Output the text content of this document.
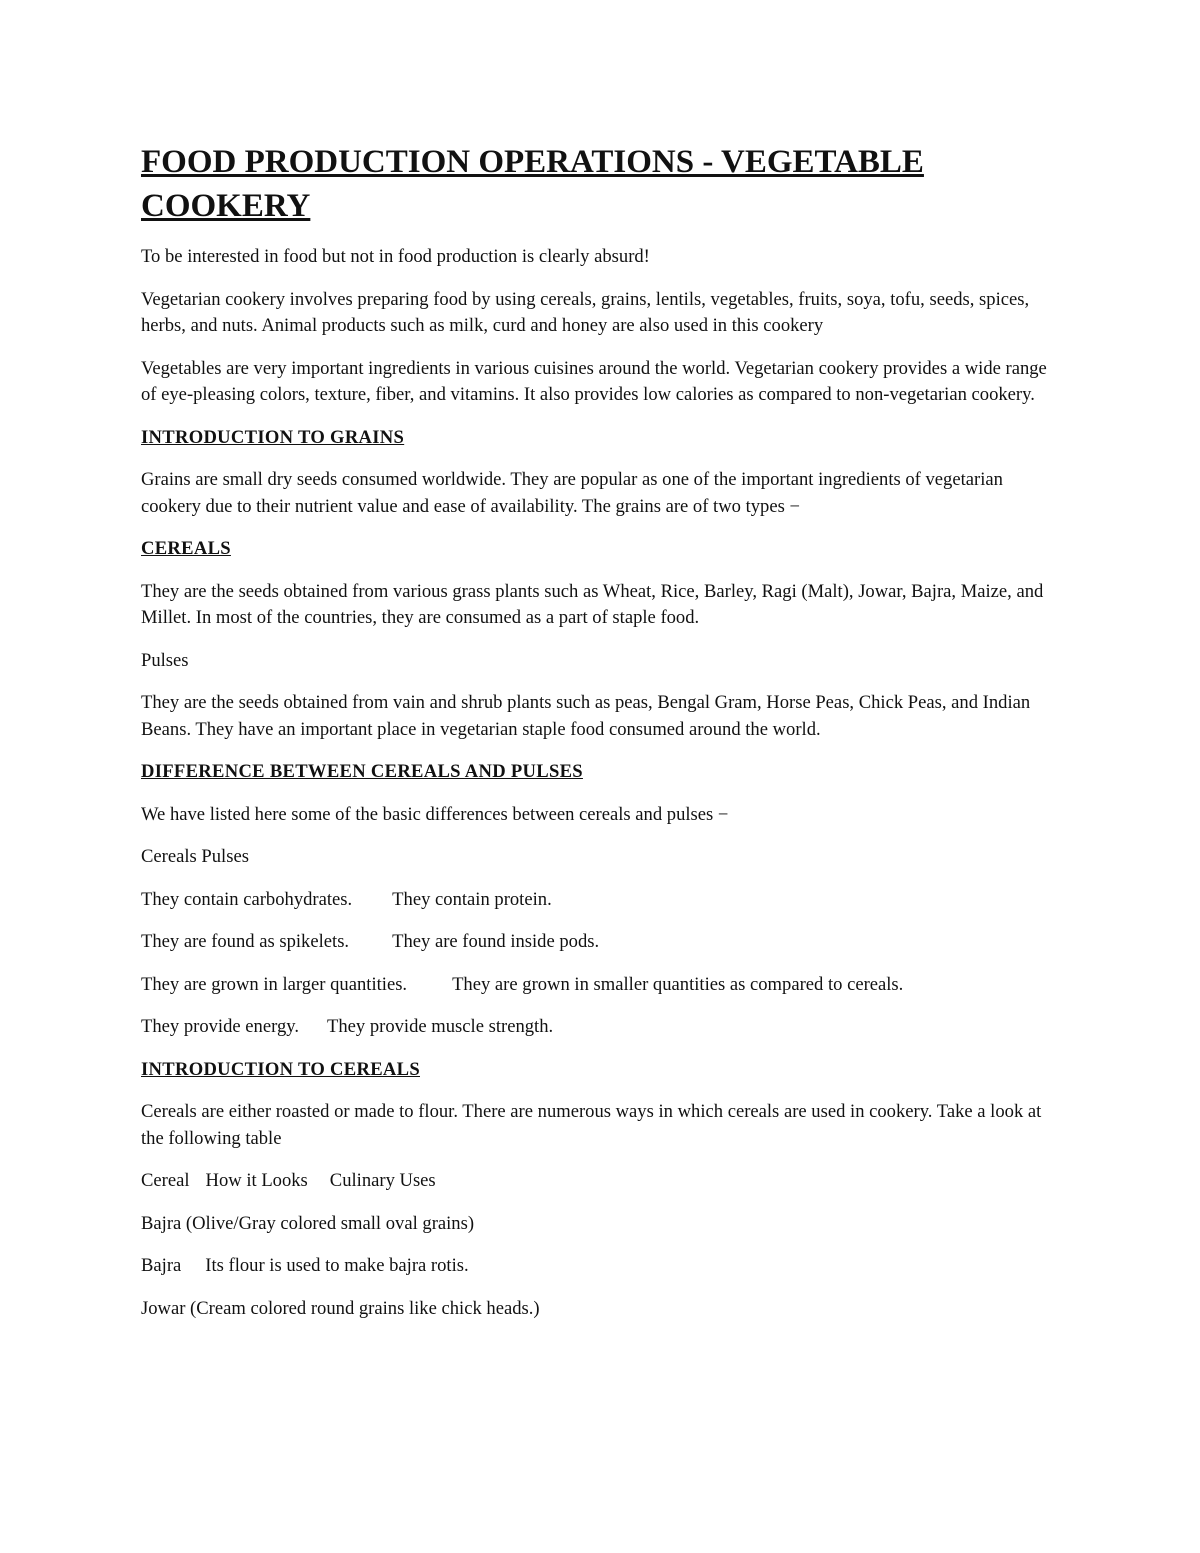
FOOD PRODUCTION OPERATIONS - VEGETABLE COOKERY

To be interested in food but not in food production is clearly absurd!

Vegetarian cookery involves preparing food by using cereals, grains, lentils, vegetables, fruits, soya, tofu, seeds, spices, herbs, and nuts. Animal products such as milk, curd and honey are also used in this cookery

Vegetables are very important ingredients in various cuisines around the world. Vegetarian cookery provides a wide range of eye-pleasing colors, texture, fiber, and vitamins. It also provides low calories as compared to non-vegetarian cookery.

INTRODUCTION TO GRAINS

Grains are small dry seeds consumed worldwide. They are popular as one of the important ingredients of vegetarian cookery due to their nutrient value and ease of availability. The grains are of two types −

CEREALS

They are the seeds obtained from various grass plants such as Wheat, Rice, Barley, Ragi (Malt), Jowar, Bajra, Maize, and Millet. In most of the countries, they are consumed as a part of staple food.

Pulses

They are the seeds obtained from vain and shrub plants such as peas, Bengal Gram, Horse Peas, Chick Peas, and Indian Beans. They have an important place in vegetarian staple food consumed around the world.

DIFFERENCE BETWEEN CEREALS AND PULSES

We have listed here some of the basic differences between cereals and pulses −

Cereals Pulses

They contain carbohydrates. They contain protein.

They are found as spikelets. They are found inside pods.

They are grown in larger quantities. They are grown in smaller quantities as compared to cereals.

They provide energy. They provide muscle strength.

INTRODUCTION TO CEREALS

Cereals are either roasted or made to flour. There are numerous ways in which cereals are used in cookery. Take a look at the following table

Cereal How it Looks Culinary Uses

Bajra (Olive/Gray colored small oval grains)

Bajra Its flour is used to make bajra rotis.

Jowar (Cream colored round grains like chick heads.)
